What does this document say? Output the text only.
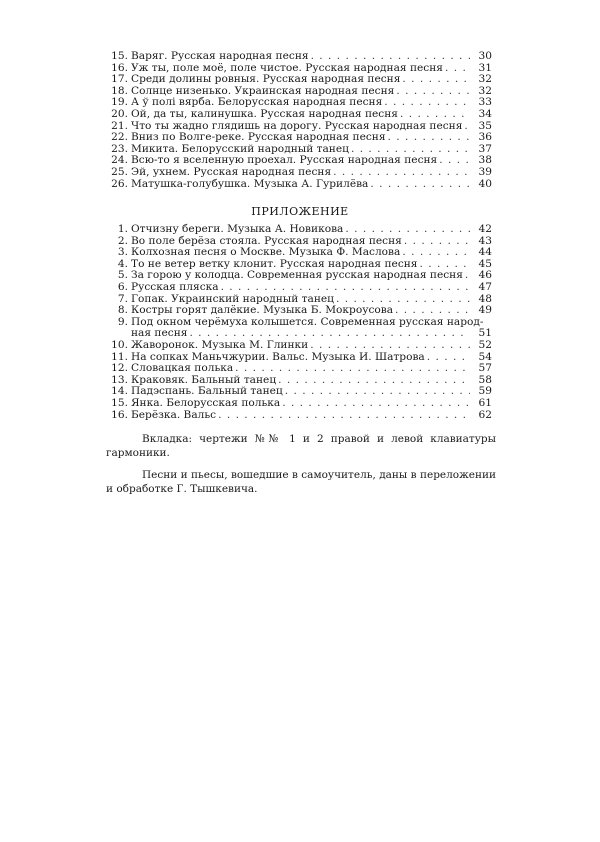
15. Варяг. Русская народная песня . . .	30
16. Уж ты, поле моё, поле чистое. Русская народная песня . . .	31
17. Среди долины ровныя. Русская народная песня . . .	32
18. Солнце низенько. Украинская народная песня . . .	32
19. А ў полі вярба. Белорусская народная песня . . .	33
20. Ой, да ты, калинушка. Русская народная песня . . .	34
21. Что ты жадно глядишь на дорогу. Русская народная песня . . .	35
22. Вниз по Волге-реке. Русская народная песня . . .	36
23. Микита. Белорусский народный танец . . .	37
24. Всю-то я вселенную проехал. Русская народная песня . . .	38
25. Эй, ухнем. Русская народная песня . . .	39
26. Матушка-голубушка. Музыка А. Гурилёва . . .	40
ПРИЛОЖЕНИЕ
1. Отчизну береги. Музыка А. Новикова . . .	42
2. Во поле берёза стояла. Русская народная песня . . .	43
3. Колхозная песня о Москве. Музыка Ф. Маслова . . .	44
4. То не ветер ветку клонит. Русская народная песня . . .	45
5. За горою у колодца. Современная русская народная песня . . .	46
6. Русская пляска . . .	47
7. Гопак. Украинский народный танец . . .	48
8. Костры горят далёкие. Музыка Б. Мокроусова . . .	49
9. Под окном черёмуха колышется. Современная русская народ-
ная песня . . .	51
10. Жаворонок. Музыка М. Глинки . . .	52
11. На сопках Маньчжурии. Вальс. Музыка И. Шатрова . . .	54
12. Словацкая полька . . .	57
13. Краковяк. Бальный танец . . .	58
14. Падэспань. Бальный танец . . .	59
15. Янка. Белорусская полька . . .	61
16. Берёзка. Вальс . . .	62

Вкладка: чертежи №№ 1 и 2 правой и левой клавиатуры гармоники.

Песни и пьесы, вошедшие в самоучитель, даны в переложении и обработке Г. Тышкевича.
